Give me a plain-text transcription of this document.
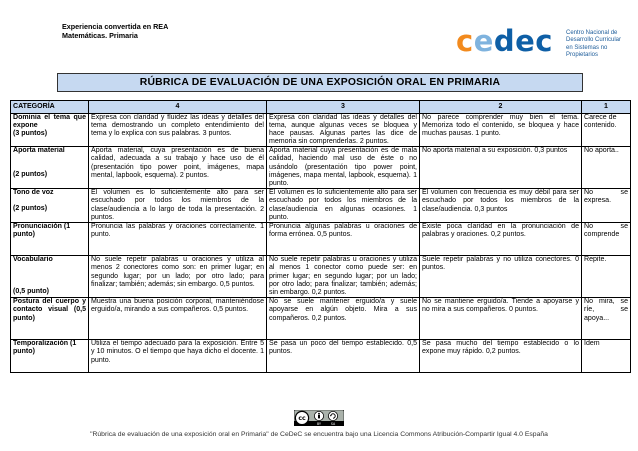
Experiencia convertida en REA
Matemáticas. Primaria	cedec Centro Nacional de
Desarrollo Curricular
en Sistemas no Propietarios
RÚBRICA DE EVALUACIÓN DE UNA EXPOSICIÓN ORAL EN PRIMARIA
CATEGORÍA	4	3	2	1

Dominia el tema que expone
(3 puntos)	Expresa con claridad y fluidez las ideas y detalles del tema demostrando un completo entendimiento del tema y lo explica con sus palabras. 3 puntos.	Expresa con claridad las ideas y detalles del tema, aunque algunas veces se bloquea y hace pausas. Algunas partes las dice de memoria sin comprenderlas. 2 puntos.	No parece comprender muy bien el tema. Memoriza todo el contenido, se bloquea y hace muchas pausas. 1 punto.	Carece de contenido.

Aporta material
(2 puntos)	Aporta material, cuya presentación es de buena calidad, adecuada a su trabajo y hace uso de él (presentación tipo power point, imágenes, mapa mental, lapbook, esquema). 2 puntos.	Aporta material cuya presentación es de mala calidad, haciendo mal uso de éste o no usándolo (presentación tipo power point, imágenes, mapa mental, lapbook, esquema). 1 punto.	No aporta material a su exposición. 0,3 puntos	No aporta..

Tono de voz
(2 puntos)	El volumen es lo suficientemente alto para ser escuchado por todos los miembros de la clase/audiencia a lo largo de toda la presentación. 2 puntos.	El volumen es lo suficientemente alto para ser escuchado por todos los miembros de la clase/audiencia en algunas ocasiones. 1 punto.	El volumen con frecuencia es muy débil para ser escuchado por todos los miembros de la clase/audiencia. 0,3 puntos	No se expresa.

Pronunciación (1 punto)	Pronuncia las palabras y oraciones correctamente. 1 punto.	Pronuncia algunas palabras u oraciones de forma errónea. 0,5 puntos.	Existe poca claridad en la pronunciación de palabras y oraciones. 0,2 puntos.	No se comprende

Vocabulario
(0,5 punto)	No suele repetir palabras u oraciones y utiliza al menos 2 conectores como son: en primer lugar; en segundo lugar; por un lado; por otro lado; para finalizar; también; además; sin embargo. 0,5 puntos.	No suele repetir palabras u oraciones y utiliza al menos 1 conector como puede ser: en primer lugar; en segundo lugar; por un lado; por otro lado; para finalizar; también; además; sin embargo. 0,2 puntos.	Suele repetir palabras y no utiliza conectores. 0 puntos.	Repite.

Postura del cuerpo y contacto visual (0,5 punto)	Muestra una buena posición corporal, manteniéndose erguido/a, mirando a sus compañeros. 0,5 puntos.	No se suele mantener erguido/a y suele apoyarse en algún objeto. Mira a sus compañeros. 0,2 puntos.	No se mantiene erguido/a. Tiende a apoyarse y no mira a sus compañeros. 0 puntos.	No mira, se ríe, se apoya...

Temporalización (1 punto)	Utiliza el tiempo adecuado para la exposición. Entre 5 y 10 minutos. O el tiempo que haya dicho el docente. 1 punto.	Se pasa un poco del tiempo establecido. 0,5 puntos.	Se pasa mucho del tiempo establecido o lo expone muy rápido. 0,2 puntos.	Idem
cc
BY	SA
"Rúbrica de evaluación de una exposición oral en Primaria" de CeDeC se encuentra bajo una Licencia Commons Atribución-Compartir Igual 4.0 España
